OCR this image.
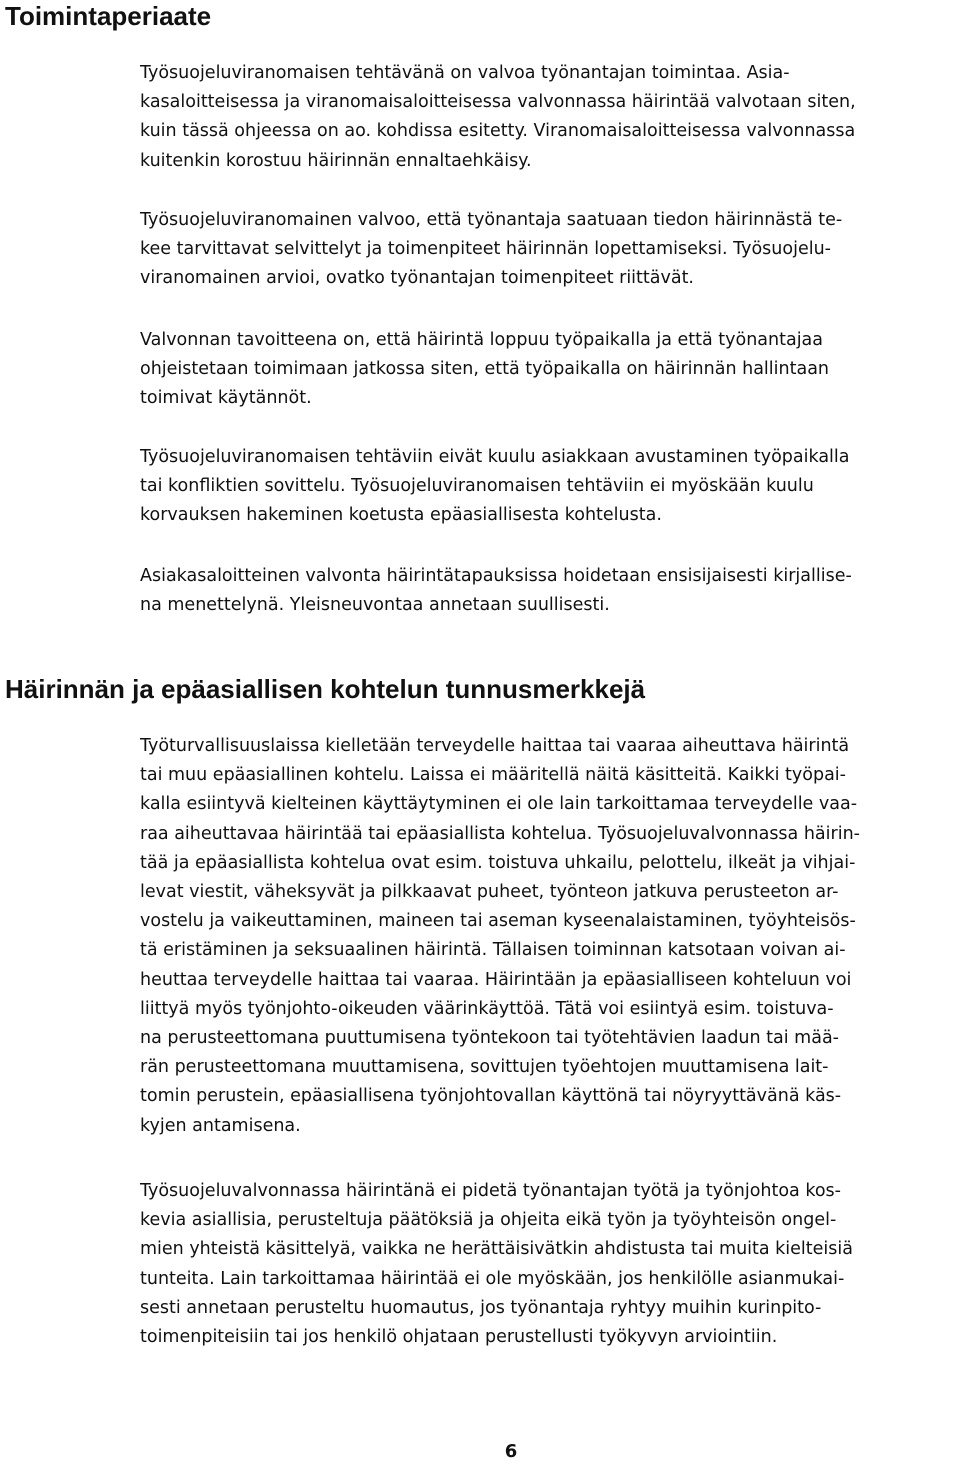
Toimintaperiaate

Työsuojeluviranomaisen tehtävänä on valvoa työnantajan toimintaa. Asia-
kasaloitteisessa ja viranomaisaloitteisessa valvonnassa häirintää valvotaan siten,
kuin tässä ohjeessa on ao. kohdissa esitetty. Viranomaisaloitteisessa valvonnassa
kuitenkin korostuu häirinnän ennaltaehkäisy.

Työsuojeluviranomainen valvoo, että työnantaja saatuaan tiedon häirinnästä te-
kee tarvittavat selvittelyt ja toimenpiteet häirinnän lopettamiseksi. Työsuojelu-
viranomainen arvioi, ovatko työnantajan toimenpiteet riittävät.

Valvonnan tavoitteena on, että häirintä loppuu työpaikalla ja että työnantajaa
ohjeistetaan toimimaan jatkossa siten, että työpaikalla on häirinnän hallintaan
toimivat käytännöt.

Työsuojeluviranomaisen tehtäviin eivät kuulu asiakkaan avustaminen työpaikalla
tai konfliktien sovittelu. Työsuojeluviranomaisen tehtäviin ei myöskään kuulu
korvauksen hakeminen koetusta epäasiallisesta kohtelusta.

Asiakasaloitteinen valvonta häirintätapauksissa hoidetaan ensisijaisesti kirjallise-
na menettelynä. Yleisneuvontaa annetaan suullisesti.

Häirinnän ja epäasiallisen kohtelun tunnusmerkkejä

Työturvallisuuslaissa kielletään terveydelle haittaa tai vaaraa aiheuttava häirintä
tai muu epäasiallinen kohtelu. Laissa ei määritellä näitä käsitteitä. Kaikki työpai-
kalla esiintyvä kielteinen käyttäytyminen ei ole lain tarkoittamaa terveydelle vaa-
raa aiheuttavaa häirintää tai epäasiallista kohtelua. Työsuojeluvalvonnassa häirin-
tää ja epäasiallista kohtelua ovat esim. toistuva uhkailu, pelottelu, ilkeät ja vihjai-
levat viestit, väheksyvät ja pilkkaavat puheet, työnteon jatkuva perusteeton ar-
vostelu ja vaikeuttaminen, maineen tai aseman kyseenalaistaminen, työyhteisös-
tä eristäminen ja seksuaalinen häirintä. Tällaisen toiminnan katsotaan voivan ai-
heuttaa terveydelle haittaa tai vaaraa. Häirintään ja epäasialliseen kohteluun voi
liittyä myös työnjohto-oikeuden väärinkäyttöä. Tätä voi esiintyä esim. toistuva-
na perusteettomana puuttumisena työntekoon tai työtehtävien laadun tai mää-
rän perusteettomana muuttamisena, sovittujen työehtojen muuttamisena lait-
tomin perustein, epäasiallisena työnjohtovallan käyttönä tai nöyryyttävänä käs-
kyjen antamisena.

Työsuojeluvalvonnassa häirintänä ei pidetä työnantajan työtä ja työnjohtoa kos-
kevia asiallisia, perusteltuja päätöksiä ja ohjeita eikä työn ja työyhteisön ongel-
mien yhteistä käsittelyä, vaikka ne herättäisivätkin ahdistusta tai muita kielteisiä
tunteita. Lain tarkoittamaa häirintää ei ole myöskään, jos henkilölle asianmukai-
sesti annetaan perusteltu huomautus, jos työnantaja ryhtyy muihin kurinpito-
toimenpiteisiin tai jos henkilö ohjataan perustellusti työkyvyn arviointiin.

6
